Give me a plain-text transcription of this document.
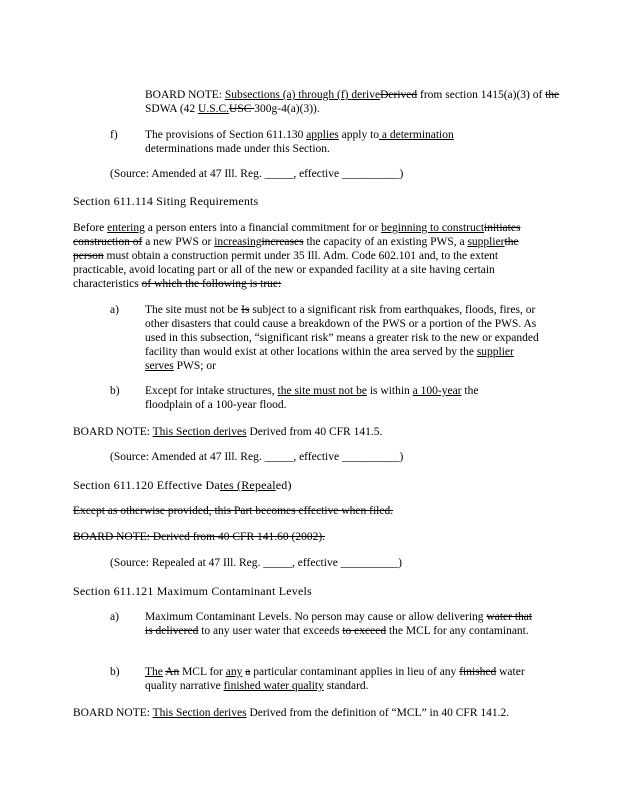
BOARD NOTE: Subsections (a) through (f) deriveDerived from section 1415(a)(3) of the SDWA (42 U.S.C.USC 300g-4(a)(3)).

f) The provisions of Section 611.130 applies apply to a determination determinations made under this Section.

(Source: Amended at 47 Ill. Reg. _____, effective __________)

Section 611.114 Siting Requirements

Before entering a person enters into a financial commitment for or beginning to constructinitiates construction of a new PWS or increasingincreases the capacity of an existing PWS, a supplierthe person must obtain a construction permit under 35 Ill. Adm. Code 602.101 and, to the extent practicable, avoid locating part or all of the new or expanded facility at a site having certain characteristics of which the following is true:

a) The site must not be Is subject to a significant risk from earthquakes, floods, fires, or other disasters that could cause a breakdown of the PWS or a portion of the PWS. As used in this subsection, “significant risk” means a greater risk to the new or expanded facility than would exist at other locations within the area served by the supplier serves PWS; or

b) Except for intake structures, the site must not be is within a 100-year the floodplain of a 100-year flood.

BOARD NOTE: This Section derives Derived from 40 CFR 141.5.

(Source: Amended at 47 Ill. Reg. _____, effective __________)

Section 611.120 Effective Dates (Repealed)

Except as otherwise provided, this Part becomes effective when filed.

BOARD NOTE: Derived from 40 CFR 141.60 (2002).

(Source: Repealed at 47 Ill. Reg. _____, effective __________)

Section 611.121 Maximum Contaminant Levels

a) Maximum Contaminant Levels. No person may cause or allow delivering water that is delivered to any user water that exceeds to exceed the MCL for any contaminant.

b) The An MCL for any a particular contaminant applies in lieu of any finished water quality narrative finished water quality standard.

BOARD NOTE: This Section derives Derived from the definition of “MCL” in 40 CFR 141.2.
